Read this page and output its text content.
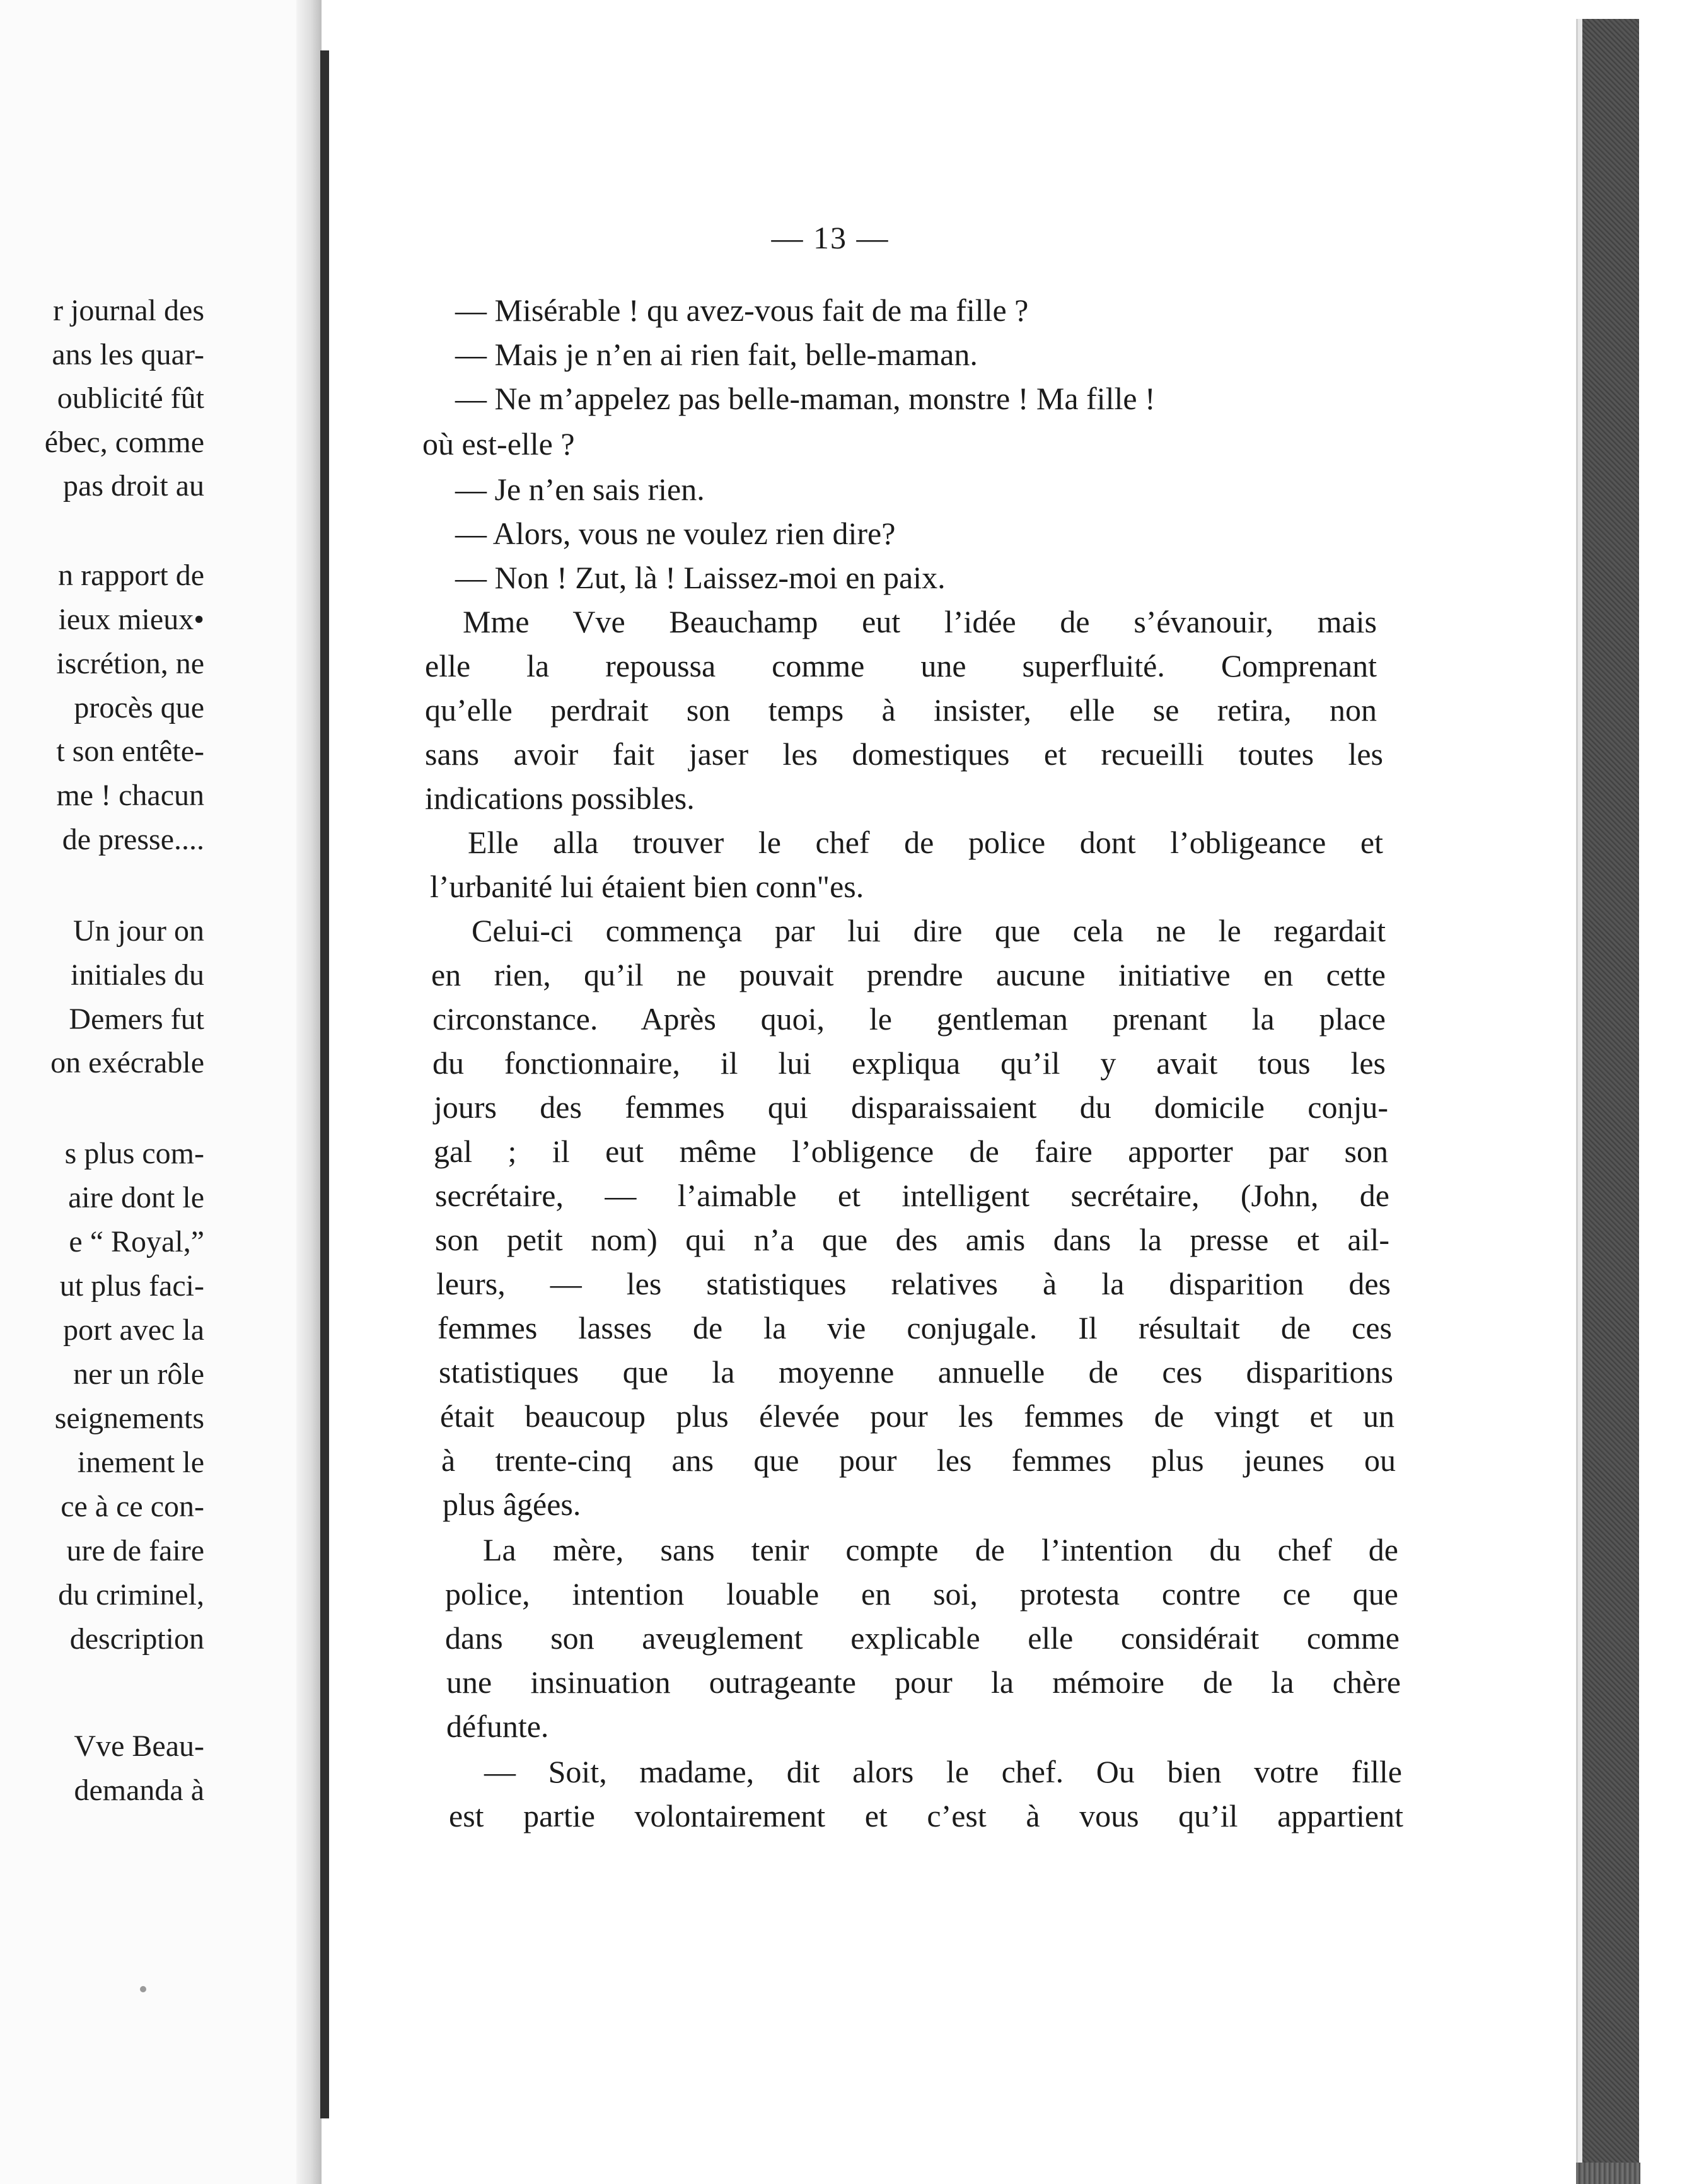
r journal des
ans les quar-
oublicité fût
ébec, comme
pas droit au
n rapport de
ieux mieux•
iscrétion, ne
procès que
t son entête-
me ! chacun
de presse....
Un jour on
initiales du
Demers fut
on exécrable
s plus com-
aire dont le
e “ Royal,”
ut plus faci-
port avec la
ner un rôle
seignements
inement le
ce à ce con-
ure de faire
du criminel,
description
Vve Beau-
demanda à
— 13 —
— Misérable ! qu avez-vous fait de ma fille ?
— Mais je n’en ai rien fait, belle-maman.
— Ne m’appelez pas belle-maman, monstre ! Ma fille !
où est-elle ?
— Je n’en sais rien.
— Alors, vous ne voulez rien dire?
— Non ! Zut, là ! Laissez-moi en paix.
Mme Vve Beauchamp eut l’idée de s’évanouir, mais
elle la repoussa comme une superfluité. Comprenant
qu’elle perdrait son temps à insister, elle se retira, non
sans avoir fait jaser les domestiques et recueilli toutes les
indications possibles.
Elle alla trouver le chef de police dont l’obligeance et
l’urbanité lui étaient bien conn"es.
Celui-ci commença par lui dire que cela ne le regardait
en rien, qu’il ne pouvait prendre aucune initiative en cette
circonstance. Après quoi, le gentleman prenant la place
du fonctionnaire, il lui expliqua qu’il y avait tous les
jours des femmes qui disparaissaient du domicile conju-
gal ; il eut même l’obligence de faire apporter par son
secrétaire, — l’aimable et intelligent secrétaire, (John, de
son petit nom) qui n’a que des amis dans la presse et ail-
leurs, — les statistiques relatives à la disparition des
femmes lasses de la vie conjugale. Il résultait de ces
statistiques que la moyenne annuelle de ces disparitions
était beaucoup plus élevée pour les femmes de vingt et un
à trente-cinq ans que pour les femmes plus jeunes ou
plus âgées.
La mère, sans tenir compte de l’intention du chef de
police, intention louable en soi, protesta contre ce que
dans son aveuglement explicable elle considérait comme
une insinuation outrageante pour la mémoire de la chère
défunte.
— Soit, madame, dit alors le chef. Ou bien votre fille
est partie volontairement et c’est à vous qu’il appartient
